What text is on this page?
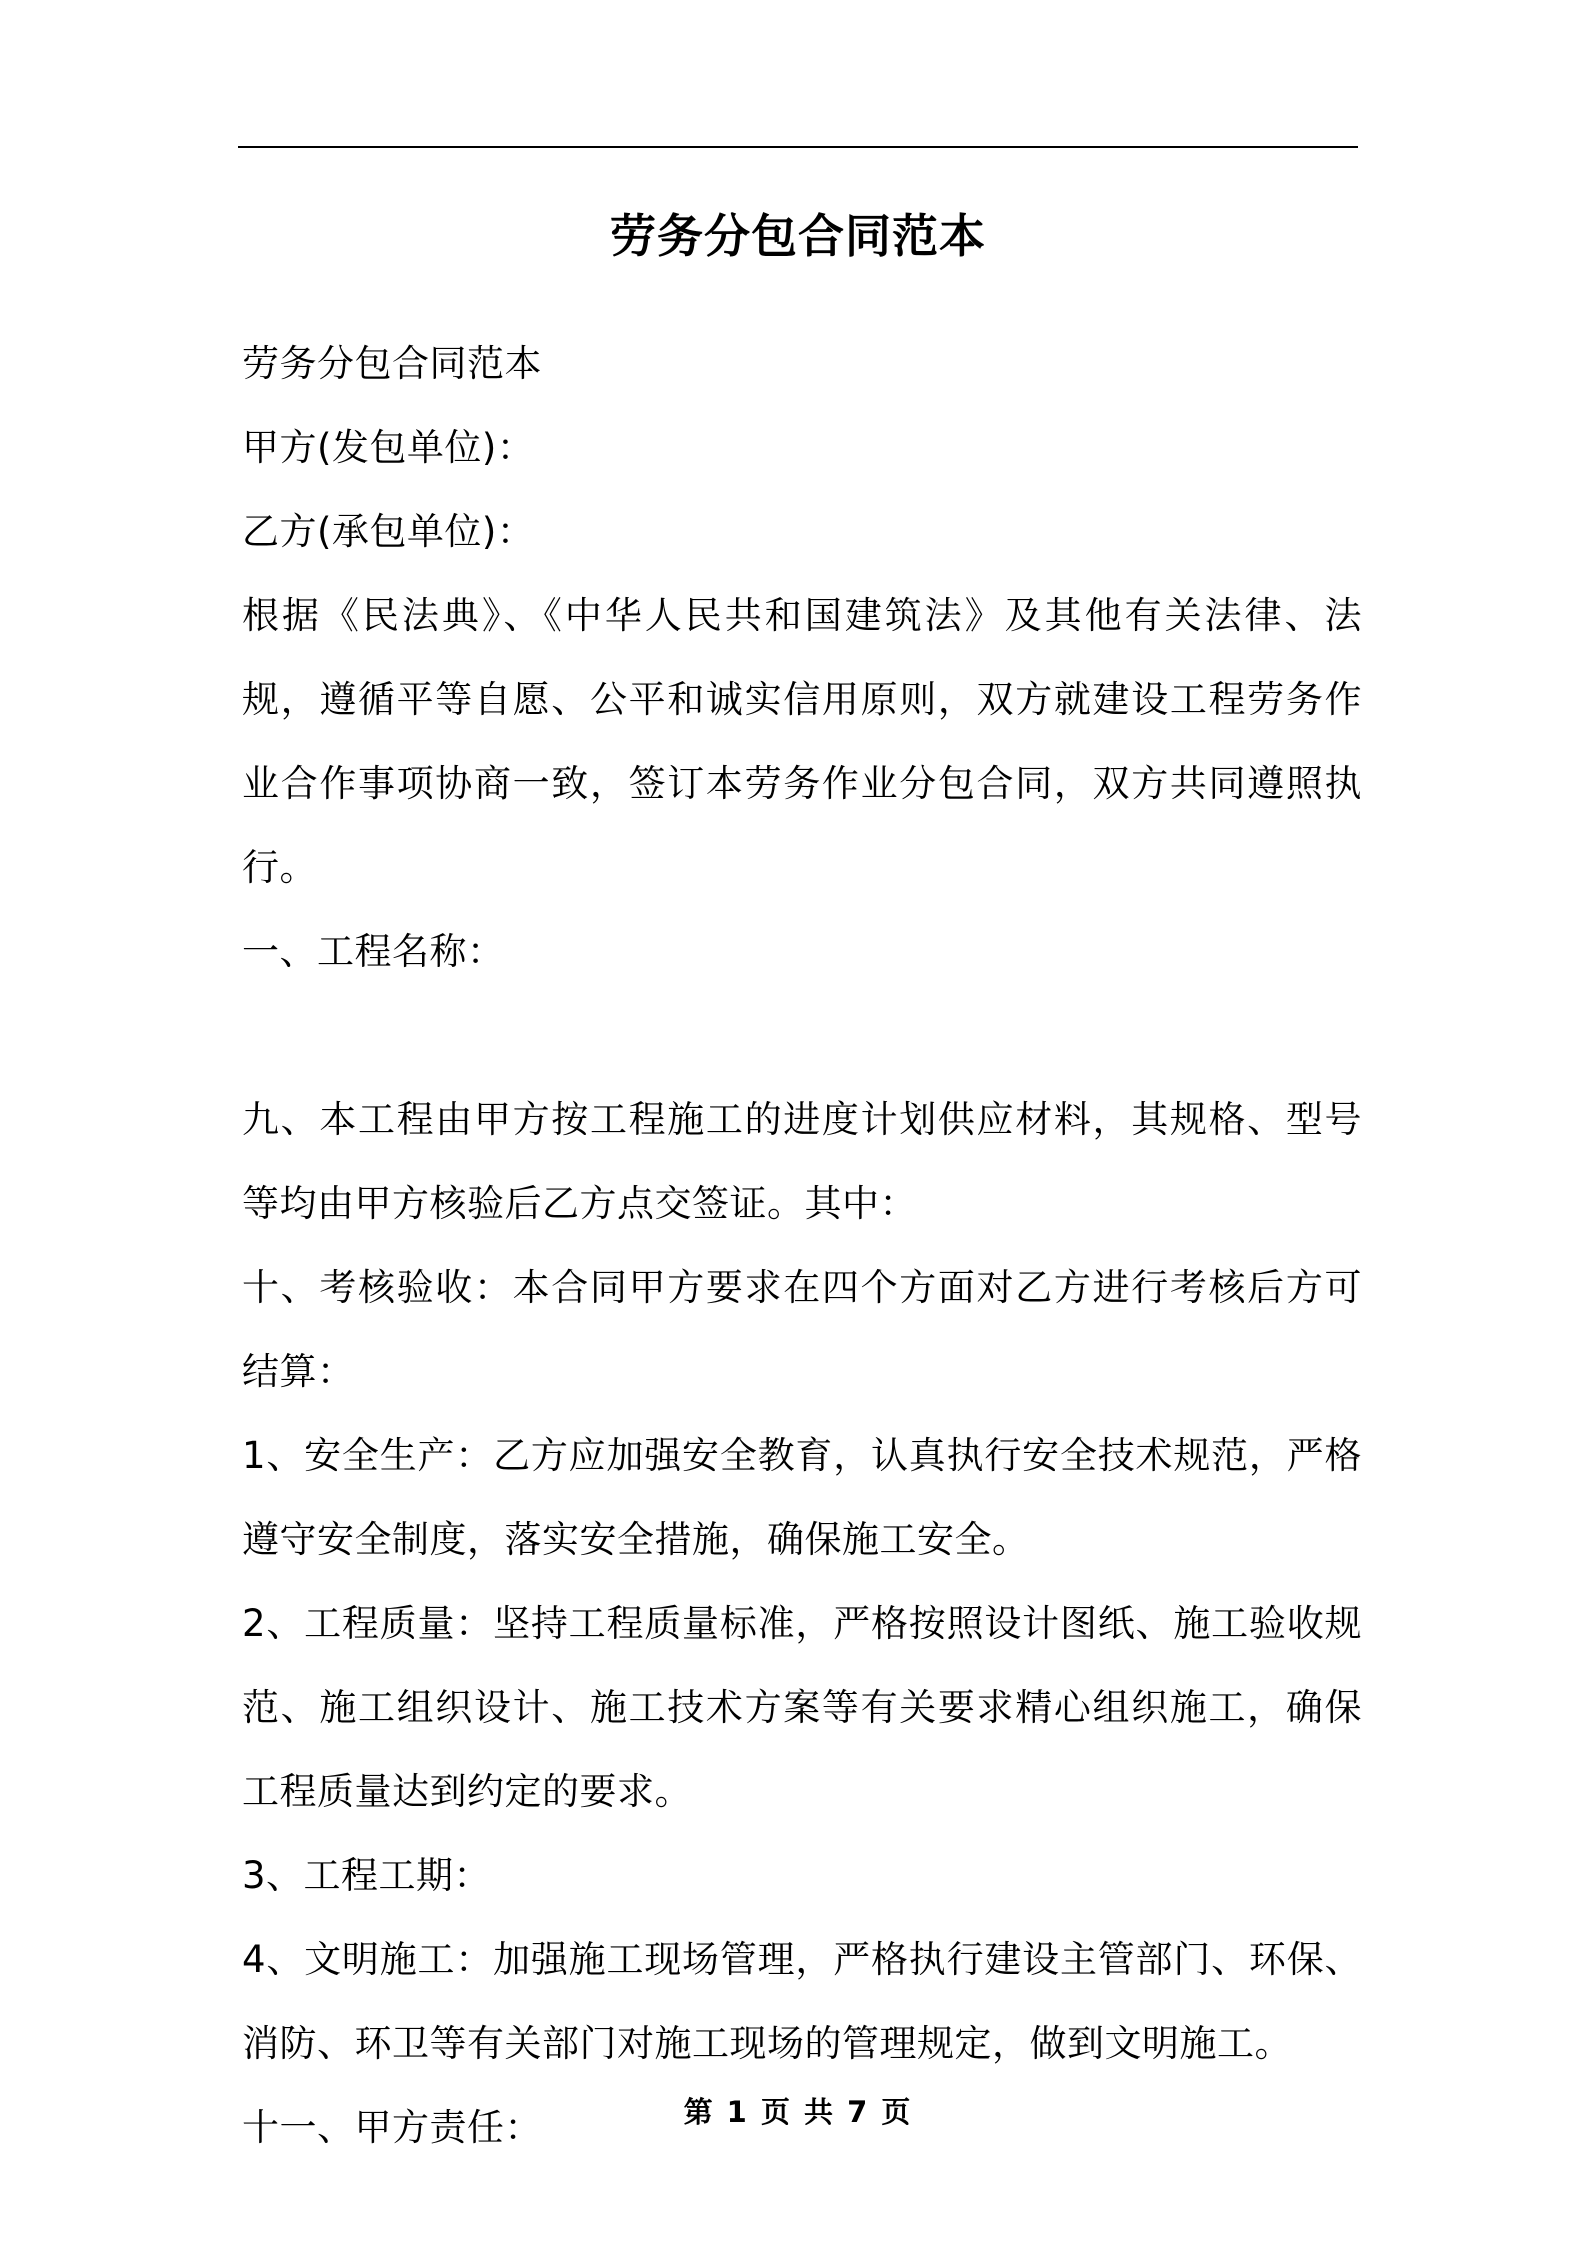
劳务分包合同范本

劳务分包合同范本

甲方(发包单位)：

乙方(承包单位)：

根据《民法典》、《中华人民共和国建筑法》及其他有关法律、法规，遵循平等自愿、公平和诚实信用原则，双方就建设工程劳务作业合作事项协商一致，签订本劳务作业分包合同，双方共同遵照执行。

一、工程名称：

九、本工程由甲方按工程施工的进度计划供应材料，其规格、型号等均由甲方核验后乙方点交签证。其中：

十、考核验收：本合同甲方要求在四个方面对乙方进行考核后方可结算：

1、安全生产：乙方应加强安全教育，认真执行安全技术规范，严格遵守安全制度，落实安全措施，确保施工安全。

2、工程质量：坚持工程质量标准，严格按照设计图纸、施工验收规范、施工组织设计、施工技术方案等有关要求精心组织施工，确保工程质量达到约定的要求。

3、工程工期：

4、文明施工：加强施工现场管理，严格执行建设主管部门、环保、消防、环卫等有关部门对施工现场的管理规定，做到文明施工。

十一、甲方责任：	第 1 页 共 7 页
